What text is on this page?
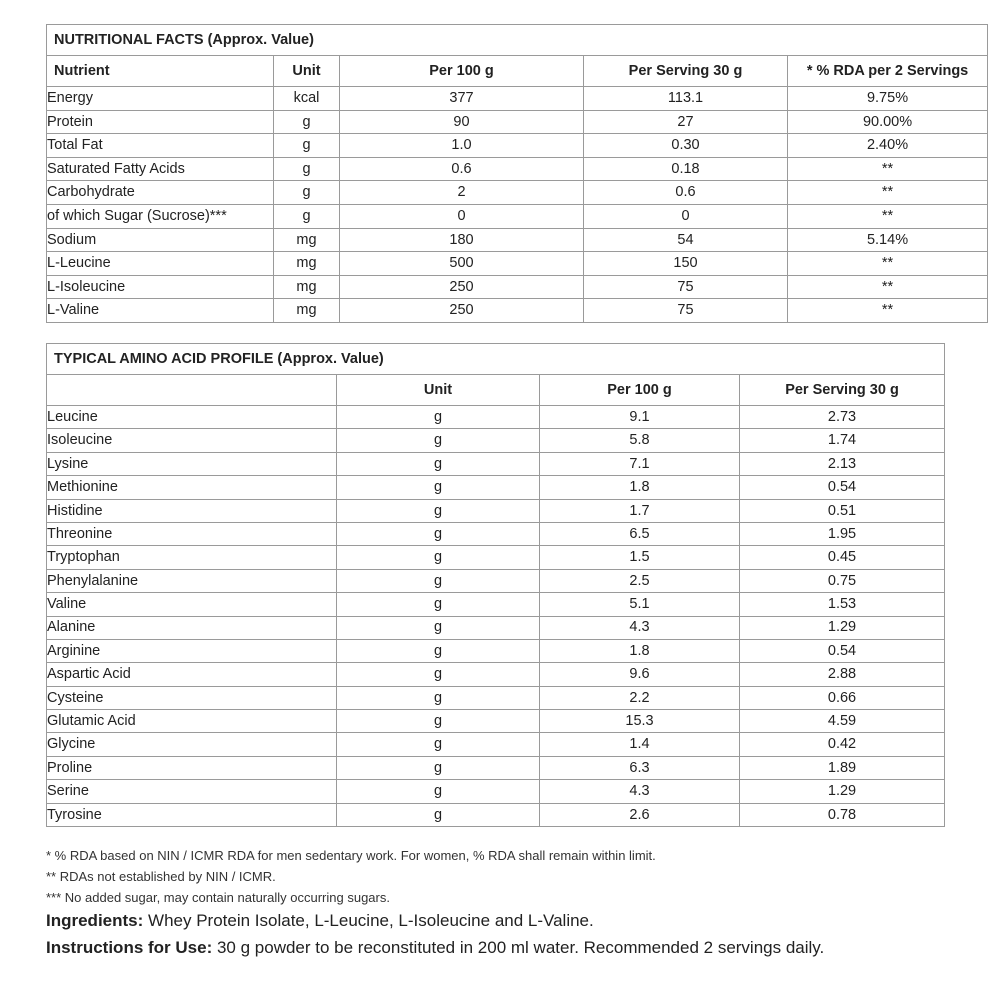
NUTRITIONAL FACTS (Approx. Value)				
Nutrient	Unit	Per 100 g	Per Serving 30 g	* % RDA per 2 Servings
Energy	kcal	377	113.1	9.75%
Protein	g	90	27	90.00%
Total Fat	g	1.0	0.30	2.40%
Saturated Fatty Acids	g	0.6	0.18	**
Carbohydrate	g	2	0.6	**
of which Sugar (Sucrose)***	g	0	0	**
Sodium	mg	180	54	5.14%
L-Leucine	mg	500	150	**
L-Isoleucine	mg	250	75	**
L-Valine	mg	250	75	**
TYPICAL AMINO ACID PROFILE (Approx. Value)			
	Unit	Per 100 g	Per Serving 30 g
Leucine	g	9.1	2.73
Isoleucine	g	5.8	1.74
Lysine	g	7.1	2.13
Methionine	g	1.8	0.54
Histidine	g	1.7	0.51
Threonine	g	6.5	1.95
Tryptophan	g	1.5	0.45
Phenylalanine	g	2.5	0.75
Valine	g	5.1	1.53
Alanine	g	4.3	1.29
Arginine	g	1.8	0.54
Aspartic Acid	g	9.6	2.88
Cysteine	g	2.2	0.66
Glutamic Acid	g	15.3	4.59
Glycine	g	1.4	0.42
Proline	g	6.3	1.89
Serine	g	4.3	1.29
Tyrosine	g	2.6	0.78
* % RDA based on NIN / ICMR RDA for men sedentary work. For women, % RDA shall remain within limit.
** RDAs not established by NIN / ICMR.
*** No added sugar, may contain naturally occurring sugars.
Ingredients: Whey Protein Isolate, L-Leucine, L-Isoleucine and L-Valine.
Instructions for Use: 30 g powder to be reconstituted in 200 ml water. Recommended 2 servings daily.
